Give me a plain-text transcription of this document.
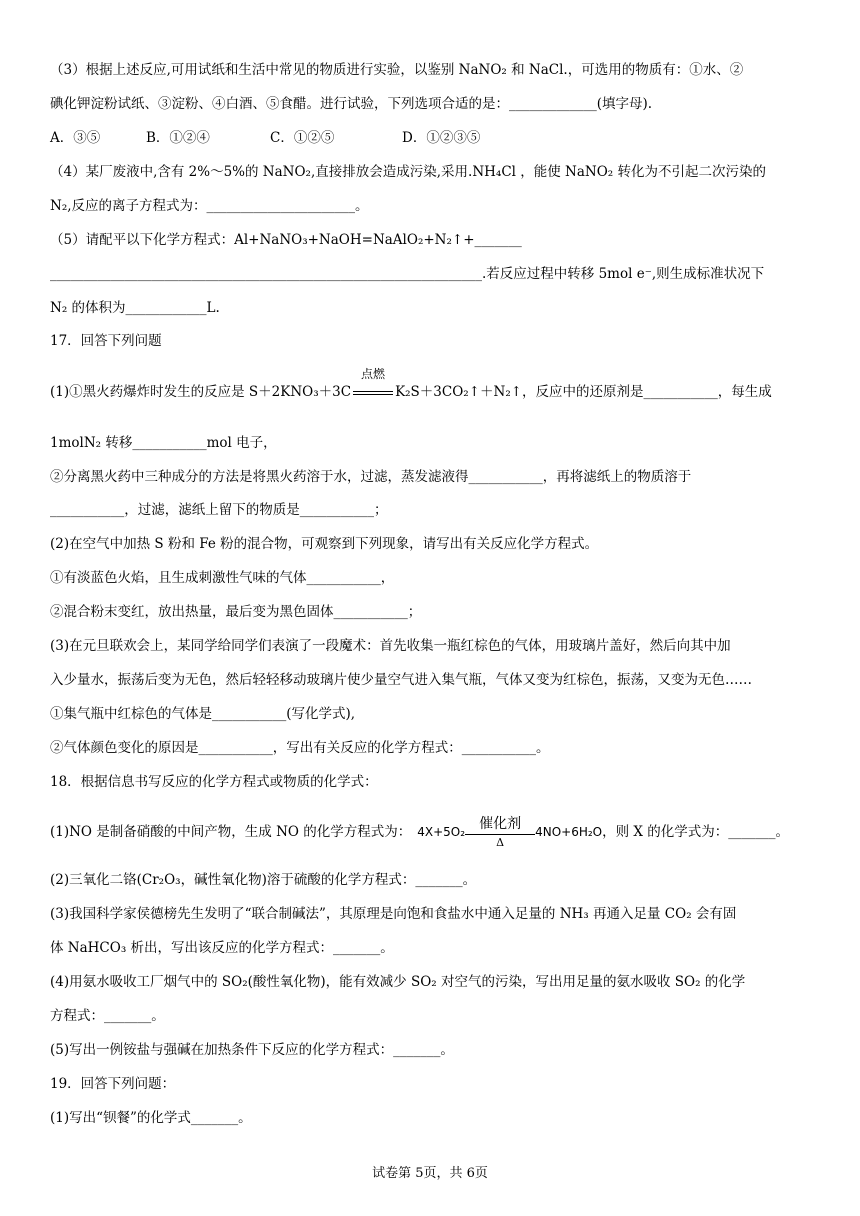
（3）根据上述反应,可用试纸和生活中常见的物质进行实验，以鉴别 NaNO₂ 和 NaCl.，可选用的物质有：①水、②
碘化钾淀粉试纸、③淀粉、④白酒、⑤食醋。进行试验，下列选项合适的是：_____________(填字母).
A．③⑤	B．①②④	C．①②⑤	D．①②③⑤
（4）某厂废液中,含有 2%～5%的 NaNO₂,直接排放会造成污染,采用.NH₄Cl ，能使 NaNO₂ 转化为不引起二次污染的
N₂,反应的离子方程式为：______________________。
（5）请配平以下化学方程式：Al+NaNO₃+NaOH=NaAlO₂+N₂↑+_______
________________________________________________________________.若反应过程中转移 5mol e⁻,则生成标准状况下
N₂ 的体积为____________L.
17．回答下列问题
(1)①黑火药爆炸时发生的反应是 S＋2KNO₃＋3C
点燃
K₂S＋3CO₂↑＋N₂↑，反应中的还原剂是___________，每生成
1molN₂ 转移___________mol 电子，
②分离黑火药中三种成分的方法是将黑火药溶于水，过滤，蒸发滤液得___________，再将滤纸上的物质溶于
___________，过滤，滤纸上留下的物质是___________；
(2)在空气中加热 S 粉和 Fe 粉的混合物，可观察到下列现象，请写出有关反应化学方程式。
①有淡蓝色火焰，且生成刺激性气味的气体___________，
②混合粉末变红，放出热量，最后变为黑色固体___________；
(3)在元旦联欢会上，某同学给同学们表演了一段魔术：首先收集一瓶红棕色的气体，用玻璃片盖好，然后向其中加
入少量水，振荡后变为无色，然后轻轻移动玻璃片使少量空气进入集气瓶，气体又变为红棕色，振荡，又变为无色……
①集气瓶中红棕色的气体是___________(写化学式),
②气体颜色变化的原因是___________，写出有关反应的化学方程式：___________。
18．根据信息书写反应的化学方程式或物质的化学式：
(1)NO 是制备硝酸的中间产物，生成 NO 的化学方程式为： 4X+5O₂	催化剂
Δ
4NO+6H₂O，则 X 的化学式为：_______。
(2)三氧化二铬(Cr₂O₃，碱性氧化物)溶于硫酸的化学方程式：_______。
(3)我国科学家侯德榜先生发明了“联合制碱法”，其原理是向饱和食盐水中通入足量的 NH₃ 再通入足量 CO₂ 会有固
体 NaHCO₃ 析出，写出该反应的化学方程式：_______。
(4)用氨水吸收工厂烟气中的 SO₂(酸性氧化物)，能有效减少 SO₂ 对空气的污染，写出用足量的氨水吸收 SO₂ 的化学
方程式：_______。
(5)写出一例铵盐与强碱在加热条件下反应的化学方程式：_______。
19．回答下列问题：
(1)写出“钡餐”的化学式_______。
试卷第 5页，共 6页
